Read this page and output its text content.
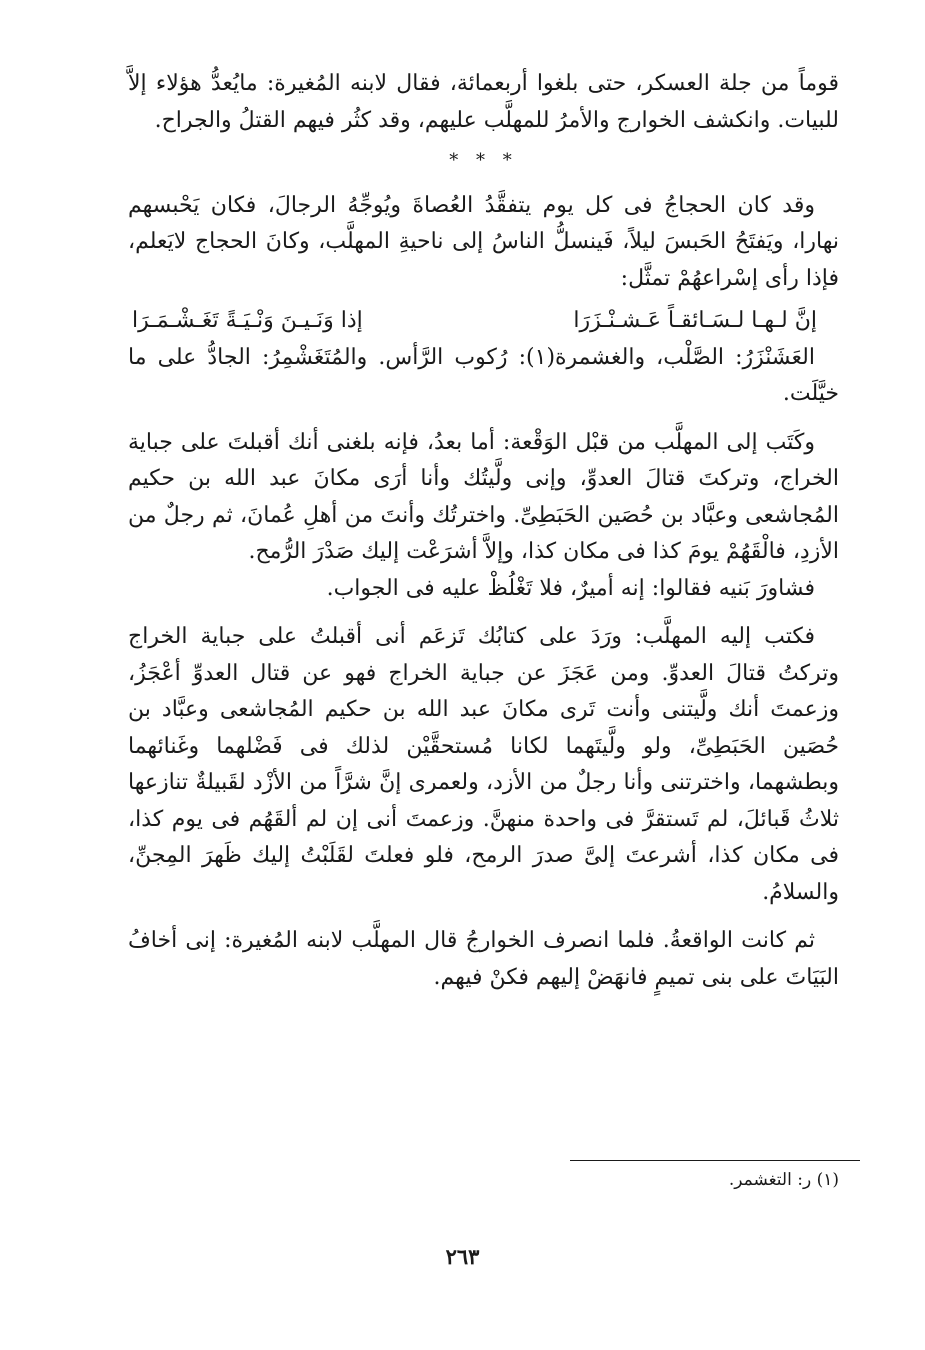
قوماً من جلة العسكر، حتى بلغوا أربعمائة، فقال لابنه المُغيرة: مايُعدُّ هؤلاء إلاَّ للبيات. وانكشف الخوارج والأمرُ للمهلَّب عليهم، وقد كثُر فيهم القتلُ والجراح.

* * *

وقد كان الحجاجُ فى كل يوم يتفقَّدُ العُصاةَ ويُوجِّهُ الرجالَ، فكان يَحْبسهم نهارا، ويَفتَحُ الحَبسَ ليلاً، فَينسلُّ الناسُ إلى ناحيةِ المهلَّب، وكانَ الحجاج لايَعلم، فإذا رأى إسْراعهُمْ تمثَّل:

إنَّ لـهـا لـسَـائقـاً عَـشـنْـزَرَا
إذا وَنَـيـنَ وَنْـيَـةً تَغَـشْـمَـرَا

العَشَنْزَرُ: الصَّلْب، والغشمرة(١): رُكوب الرَّأس. والمُتَغَشْمِرُ: الجادُّ على ما خيَّلَت.

وكَتَب إلى المهلَّب من قبْل الوَقْعة: أما بعدُ، فإنه بلغنى أنك أقبلتَ على جباية الخراج، وتركتَ قتالَ العدوِّ، وإنى ولَّيتُك وأنا أرَى مكانَ عبد الله بن حكيم المُجاشعى وعبَّاد بن حُصَين الحَبَطِىِّ. واخترتُك وأنتَ من أهلِ عُمانَ، ثم رجلٌ من الأزدِ، فالْقَهُمْ يومَ كذا فى مكان كذا، وإلاَّ أشرَعْت إليك صَدْرَ الرُّمح.

فشاورَ بَنيه فقالوا: إنه أميرٌ، فلا تَغْلُظْ عليه فى الجواب.

فكتب إليه المهلَّب: ورَدَ على كتابُك تَزعَم أنى أقبلتُ على جباية الخراج وتركتُ قتالَ العدوِّ. ومن عَجَزَ عن جباية الخراج فهو عن قتال العدوِّ أعْجَزُ، وزعمتَ أنك ولَّيتنى وأنت تَرى مكانَ عبد الله بن حكيم المُجاشعى وعبَّاد بن حُصَين الحَبَطِىِّ، ولو ولَّيتَهما لكانا مُستحقَّيْن لذلك فى فَضْلهما وغَنائهما وبطشهما، واخترتنى وأنا رجلٌ من الأزد، ولعمرى إنَّ شرَّاً من الأزْد لقَبيلةٌ تنازعها ثلاثُ قَبائلَ، لم تَستقرَّ فى واحدة منهنَّ. وزعمتَ أنى إن لم ألقَهُم فى يوم كذا، فى مكان كذا، أشرعتَ إلىَّ صدرَ الرمح، فلو فعلتَ لقَلَبْتُ إليك ظَهرَ المِجنِّ، والسلامُ.

ثم كانت الواقعةُ. فلما انصرف الخوارجُ قال المهلَّب لابنه المُغيرة: إنى أخافُ البَيَاتَ على بنى تميمٍ فانهَضْ إليهم فكنْ فيهم.

(١) ر: التغشمر.
٢٦٣
